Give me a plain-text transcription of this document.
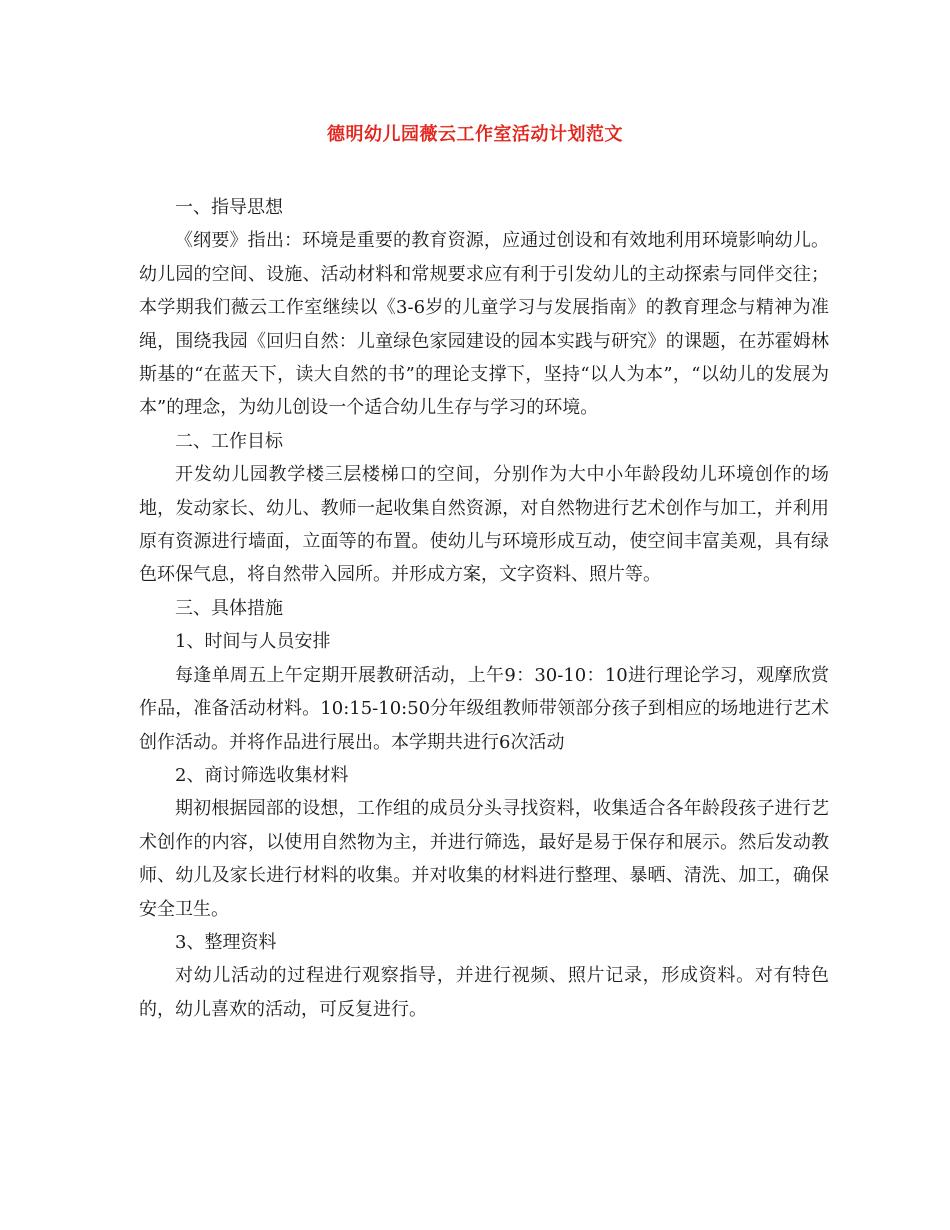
德明幼儿园薇云工作室活动计划范文

一、指导思想

《纲要》指出：环境是重要的教育资源，应通过创设和有效地利用环境影响幼儿。幼儿园的空间、设施、活动材料和常规要求应有利于引发幼儿的主动探索与同伴交往；本学期我们薇云工作室继续以《3-6岁的儿童学习与发展指南》的教育理念与精神为准绳，围绕我园《回归自然：儿童绿色家园建设的园本实践与研究》的课题，在苏霍姆林斯基的“在蓝天下，读大自然的书”的理论支撑下，坚持“以人为本”，“以幼儿的发展为本”的理念，为幼儿创设一个适合幼儿生存与学习的环境。

二、工作目标

开发幼儿园教学楼三层楼梯口的空间，分别作为大中小年龄段幼儿环境创作的场地，发动家长、幼儿、教师一起收集自然资源，对自然物进行艺术创作与加工，并利用原有资源进行墙面，立面等的布置。使幼儿与环境形成互动，使空间丰富美观，具有绿色环保气息，将自然带入园所。并形成方案，文字资料、照片等。

三、具体措施

1、时间与人员安排

每逢单周五上午定期开展教研活动，上午9：30-10：10进行理论学习，观摩欣赏作品，准备活动材料。10:15-10:50分年级组教师带领部分孩子到相应的场地进行艺术创作活动。并将作品进行展出。本学期共进行6次活动

2、商讨筛选收集材料

期初根据园部的设想，工作组的成员分头寻找资料，收集适合各年龄段孩子进行艺术创作的内容，以使用自然物为主，并进行筛选，最好是易于保存和展示。然后发动教师、幼儿及家长进行材料的收集。并对收集的材料进行整理、暴晒、清洗、加工，确保安全卫生。

3、整理资料

对幼儿活动的过程进行观察指导，并进行视频、照片记录，形成资料。对有特色的，幼儿喜欢的活动，可反复进行。
